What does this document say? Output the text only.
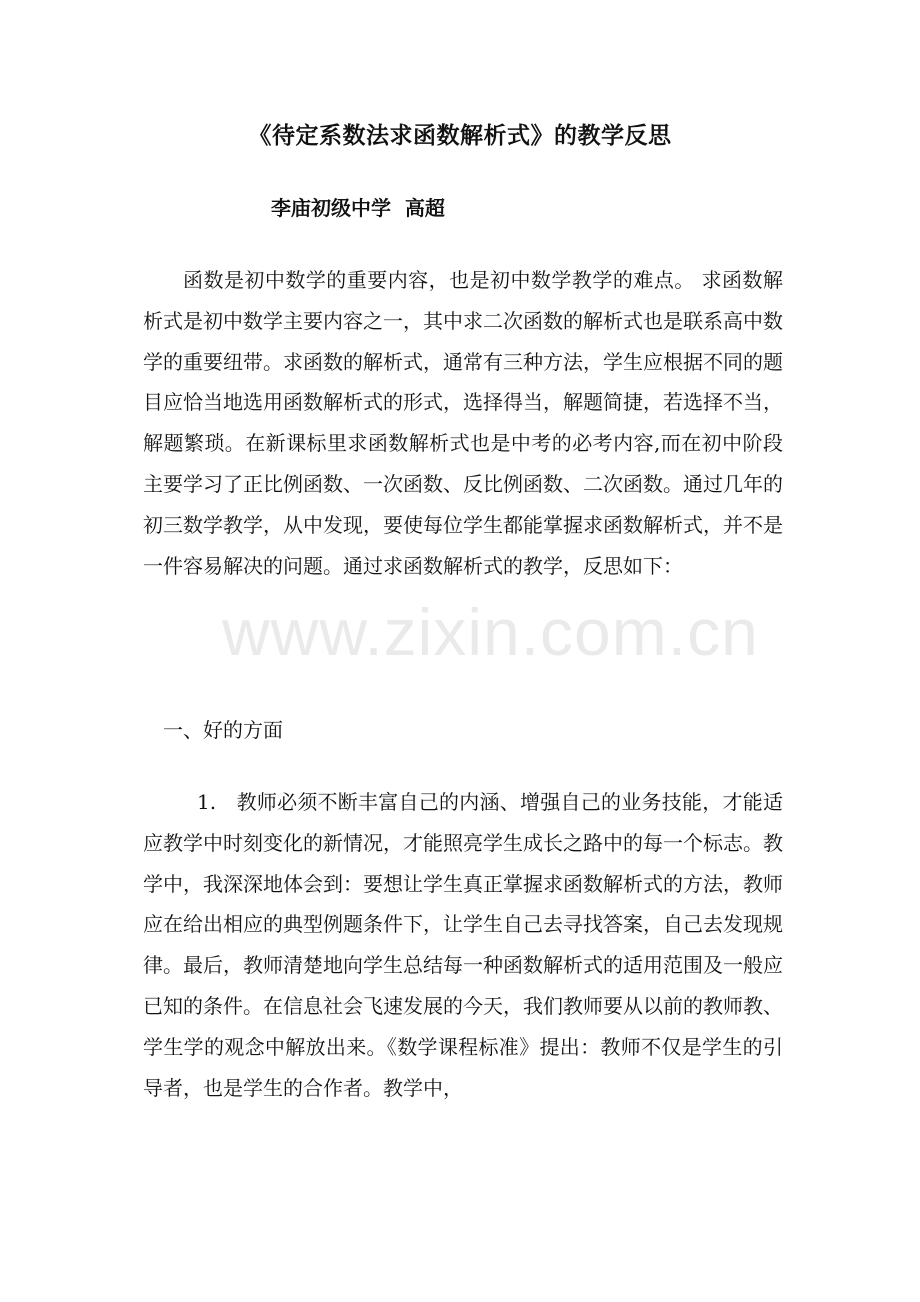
《待定系数法求函数解析式》的教学反思

李庙初级中学  高超

函数是初中数学的重要内容，也是初中数学教学的难点。 求函数解析式是初中数学主要内容之一，其中求二次函数的解析式也是联系高中数学的重要纽带。求函数的解析式，通常有三种方法，学生应根据不同的题目应恰当地选用函数解析式的形式，选择得当，解题简捷，若选择不当，解题繁琐。在新课标里求函数解析式也是中考的必考内容,而在初中阶段主要学习了正比例函数、一次函数、反比例函数、二次函数。通过几年的初三数学教学，从中发现，要使每位学生都能掌握求函数解析式，并不是一件容易解决的问题。通过求函数解析式的教学，反思如下：

一、好的方面

1.　教师必须不断丰富自己的内涵、增强自己的业务技能，才能适应教学中时刻变化的新情况，才能照亮学生成长之路中的每一个标志。教学中，我深深地体会到：要想让学生真正掌握求函数解析式的方法，教师应在给出相应的典型例题条件下，让学生自己去寻找答案，自己去发现规律。最后，教师清楚地向学生总结每一种函数解析式的适用范围及一般应已知的条件。在信息社会飞速发展的今天，我们教师要从以前的教师教、学生学的观念中解放出来。《数学课程标准》提出：教师不仅是学生的引导者，也是学生的合作者。教学中，

www.zixin.com.cn
